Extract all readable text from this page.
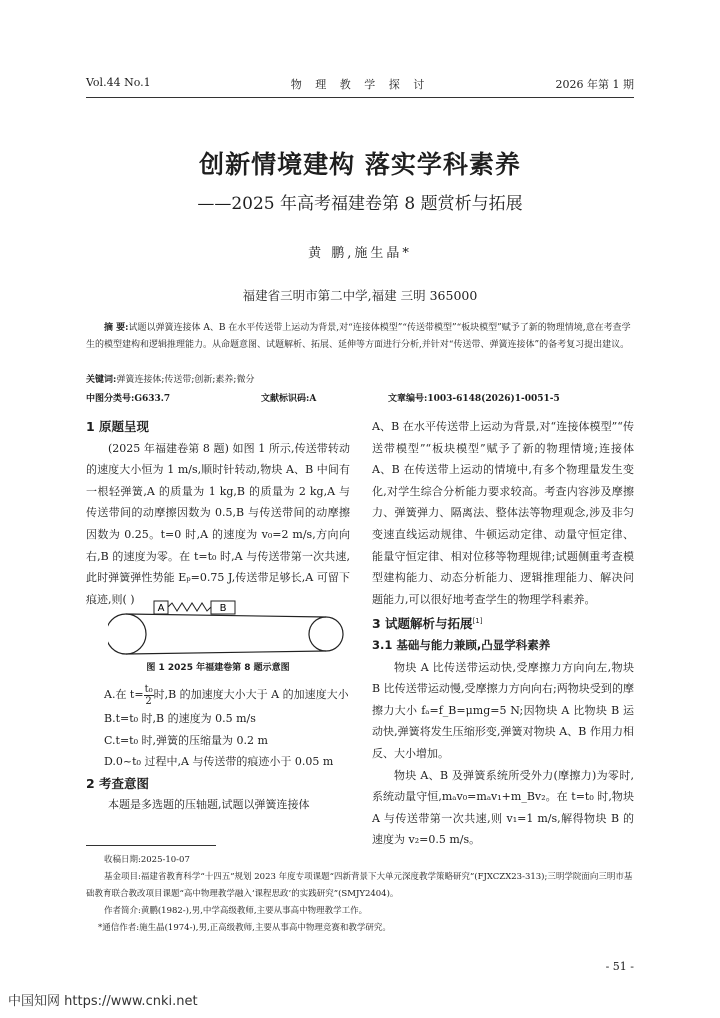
Vol.44 No.1	物 理 教 学 探 讨	2026 年第 1 期
创新情境建构 落实学科素养
——2025 年高考福建卷第 8 题赏析与拓展
黄 鹏,施生晶*
福建省三明市第二中学,福建 三明 365000
摘 要:试题以弹簧连接体 A、B 在水平传送带上运动为背景,对“连接体模型”“传送带模型”“板块模型”赋予了新的物理情境,意在考查学生的模型建构和逻辑推理能力。从命题意图、试题解析、拓展、延伸等方面进行分析,并针对“传送带、弹簧连接体”的备考复习提出建议。
关键词:弹簧连接体;传送带;创新;素养;微分
中图分类号:G633.7	文献标识码:A	文章编号:1003-6148(2026)1-0051-5
1 原题呈现
(2025 年福建卷第 8 题) 如图 1 所示,传送带转动的速度大小恒为 1 m/s,顺时针转动,物块 A、B 中间有一根轻弹簧,A 的质量为 1 kg,B 的质量为 2 kg,A 与传送带间的动摩擦因数为 0.5,B 与传送带间的动摩擦因数为 0.25。t=0 时,A 的速度为 v₀=2 m/s,方向向右,B 的速度为零。在 t=t₀ 时,A 与传送带第一次共速,此时弹簧弹性势能 Eₚ=0.75 J,传送带足够长,A 可留下痕迹,则( )
A	B
图 1 2025 年福建卷第 8 题示意图
A.在 $t= \frac{\text{t₀}}{2}$ 时,B 的加速度大小大于 A 的加速度大小
B.t=t₀ 时,B 的速度为 0.5 m/s
C.t=t₀ 时,弹簧的压缩量为 0.2 m
D.0~t₀ 过程中,A 与传送带的痕迹小于 0.05 m
2 考查意图
本题是多选题的压轴题,试题以弹簧连接体
A、B 在水平传送带上运动为背景,对“连接体模型”“传送带模型”“板块模型”赋予了新的物理情境;连接体 A、B 在传送带上运动的情境中,有多个物理量发生变化,对学生综合分析能力要求较高。考查内容涉及摩擦力、弹簧弹力、隔离法、整体法等物理观念,涉及非匀变速直线运动规律、牛顿运动定律、动量守恒定律、能量守恒定律、相对位移等物理规律;试题侧重考查模型建构能力、动态分析能力、逻辑推理能力、解决问题能力,可以很好地考查学生的物理学科素养。
3 试题解析与拓展[1]
3.1 基础与能力兼顾,凸显学科素养
物块 A 比传送带运动快,受摩擦力方向向左,物块 B 比传送带运动慢,受摩擦力方向向右;两物块受到的摩擦力大小 fₐ=f_B=μmg=5 N;因物块 A 比物块 B 运动快,弹簧将发生压缩形变,弹簧对物块 A、B 作用力相反、大小增加。
物块 A、B 及弹簧系统所受外力(摩擦力)为零时,系统动量守恒,mₐv₀=mₐv₁+m_Bv₂。在 t=t₀ 时,物块 A 与传送带第一次共速,则 v₁=1 m/s,解得物块 B 的速度为 v₂=0.5 m/s。
收稿日期:2025-10-07
基金项目:福建省教育科学“十四五”规划 2023 年度专项课题“四新背景下大单元深度教学策略研究”(FJXCZX23-313);三明学院面向三明市基础教育联合教改项目课题“高中物理教学融入‘课程思政’的实践研究”(SMJY2404)。
作者简介:黄鹏(1982-),男,中学高级教师,主要从事高中物理教学工作。
*通信作者:施生晶(1974-),男,正高级教师,主要从事高中物理竞赛和教学研究。
- 51 -
中国知网 https://www.cnki.net
